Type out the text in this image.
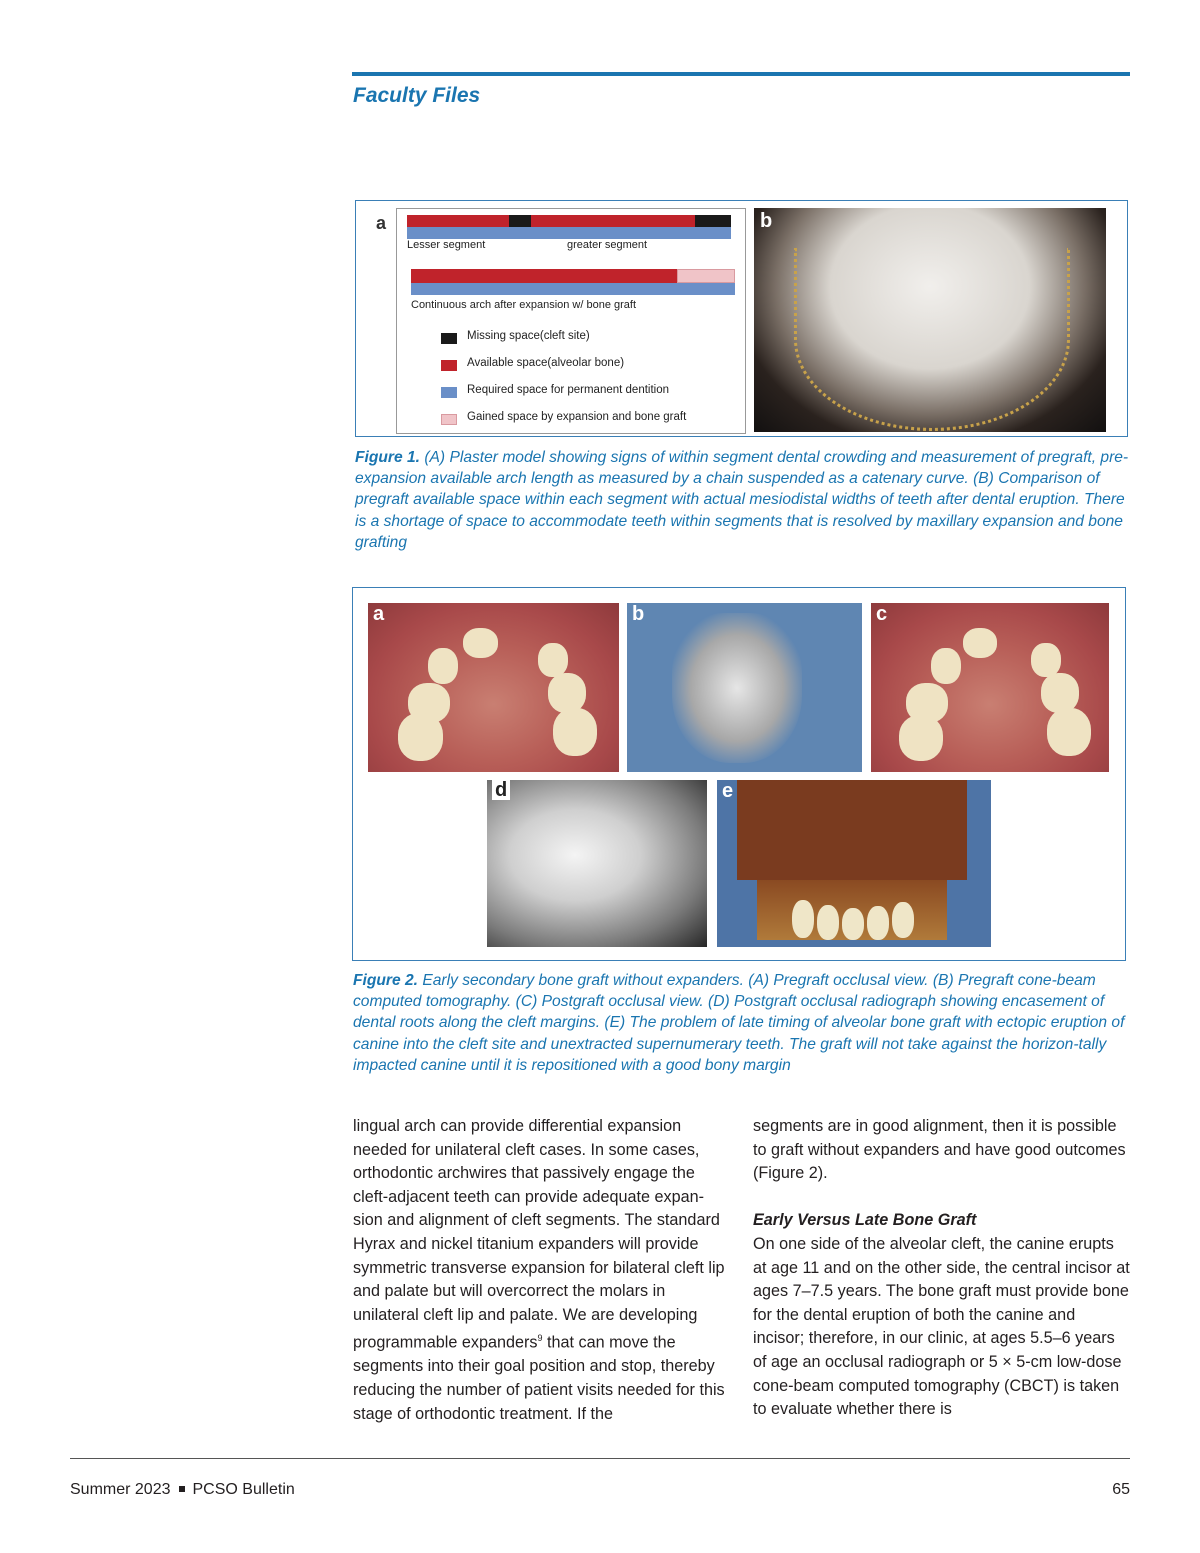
Faculty Files
a
Lesser segment	greater segment
Continuous arch after expansion w/ bone graft
Missing space(cleft site)
Available space(alveolar bone)
Required space for permanent dentition
Gained space by expansion and bone graft
b
Figure 1. (A) Plaster model showing signs of within segment dental crowding and measurement of pregraft, pre-expansion available arch length as measured by a chain suspended as a catenary curve. (B) Comparison of pregraft available space within each segment with actual mesiodistal widths of teeth after dental eruption. There is a shortage of space to accommodate teeth within segments that is resolved by maxillary expansion and bone grafting
a	b	c
d	e
Figure 2. Early secondary bone graft without expanders. (A) Pregraft occlusal view. (B) Pregraft cone-beam computed tomography. (C) Postgraft occlusal view. (D) Postgraft occlusal radiograph showing encasement of dental roots along the cleft margins. (E) The problem of late timing of alveolar bone graft with ectopic eruption of canine into the cleft site and unextracted supernumerary teeth. The graft will not take against the horizon-tally impacted canine until it is repositioned with a good bony margin
lingual arch can provide differential expansion needed for unilateral cleft cases. In some cases, orthodontic archwires that passively engage the cleft-adjacent teeth can provide adequate expan-sion and alignment of cleft segments. The standard Hyrax and nickel titanium expanders will provide symmetric transverse expansion for bilateral cleft lip and palate but will overcorrect the molars in unilateral cleft lip and palate. We are developing programmable expanders$^9$ that can move the segments into their goal position and stop, thereby reducing the number of patient visits needed for this stage of orthodontic treatment. If the
segments are in good alignment, then it is possible to graft without expanders and have good outcomes (Figure 2).
Early Versus Late Bone Graft
On one side of the alveolar cleft, the canine erupts at age 11 and on the other side, the central incisor at ages 7–7.5 years. The bone graft must provide bone for the dental eruption of both the canine and incisor; therefore, in our clinic, at ages 5.5–6 years of age an occlusal radiograph or 5 × 5-cm low-dose cone-beam computed tomography (CBCT) is taken to evaluate whether there is
Summer 2023 PCSO Bulletin	65
